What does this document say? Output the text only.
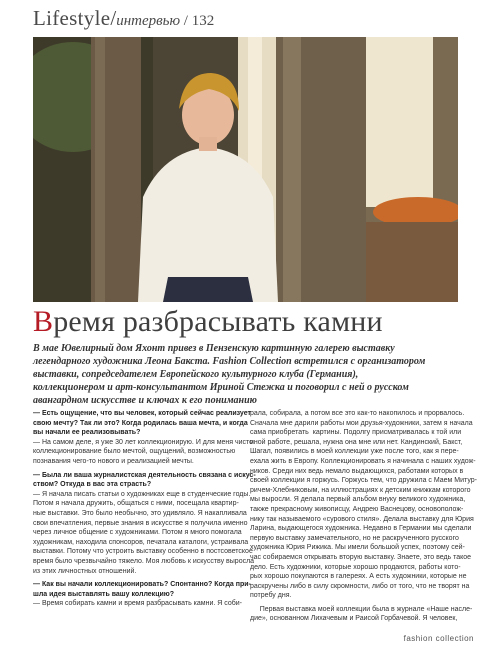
Lifestyle / интервью / 132
Время разбрасывать камни
В мае Ювелирный дом Яхонт привез в Пензенскую картинную галерею выставку
легендарного художника Леона Бакста. Fashion Collection встретился с организатором
выставки, сопредседателем Европейского культурного клуба (Германия),
коллекционером и арт-консультантом Ириной Стежка и поговорил с ней о русском
авангардном искусстве и ключах к его пониманию
— Есть ощущение, что вы человек, который сейчас реализует
свою мечту? Так ли это? Когда родилась ваша мечта, и когда
вы начали ее реализовывать?
— На самом деле, я уже 30 лет коллекционирую. И для меня чисто
коллекционирование было мечтой, ощущений, возможностью
познавания чего-то нового и реализацией мечты.
— Была ли ваша журналистская деятельность связана с искус-
ством? Откуда в вас эта страсть?
— Я начала писать статьи о художниках еще в студенческие годы.
Потом я начала дружить, общаться с ними, посещала квартир-
ные выставки. Это было необычно, это удивляло. Я накапливала
свои впечатления, первые знания в искусстве я получила именно
через личное общение с художниками. Потом я много помогала
художникам, находила спонсоров, печатала каталоги, устраивала
выставки. Потому что устроить выставку особенно в постсоветское
время было чрезвычайно тяжело. Моя любовь к искусству выросла
из этих личностных отношений.
— Как вы начали коллекционировать? Спонтанно? Когда при-
шла идея выставлять вашу коллекцию?
— Время собирать камни и время разбрасывать камни. Я соби-
рала, собирала, а потом все это как-то накопилось и прорвалось.
Сначала мне дарили работы мои друзья-художники, затем я начала
сама приобретать  картины. Подолгу присматривалась к той или
иной работе, решала, нужна она мне или нет. Кандинский, Бакст,
Шагал, появились в моей коллекции уже после того, как я пере-
ехала жить в Европу. Коллекционировать я начинала с наших худож-
ников. Среди них ведь немало выдающихся, работами которых в
своей коллекции я горжусь. Горжусь тем, что дружила с Маем Митур-
ричем-Хлебниковым, на иллюстрациях к детским книжкам которого
мы выросли. Я делала первый альбом внуку великого художника,
также прекрасному живописцу, Андрею Васнецову, основополож-
нику так называемого «сурового стиля». Делала выставку для Юрия
Ларина, выдающегося художника. Недавно в Германии мы сделали
первую выставку замечательного, но не раскрученного русского
художника Юрия Рижика. Мы имели большой успех, поэтому сей-
час собираемся открывать вторую выставку. Знаете, это ведь такое
дело. Есть художники, которые хорошо продаются, работы кото-
рых хорошо покупаются в галереях. А есть художники, которые не
раскручены либо в силу скромности, либо от того, что не творят на
потребу дня.
Первая выставка моей коллекции была в журнале «Наше насле-
дие», основанном Лихачевым и Раисой Горбачевой. Я человек,
fashion collection
